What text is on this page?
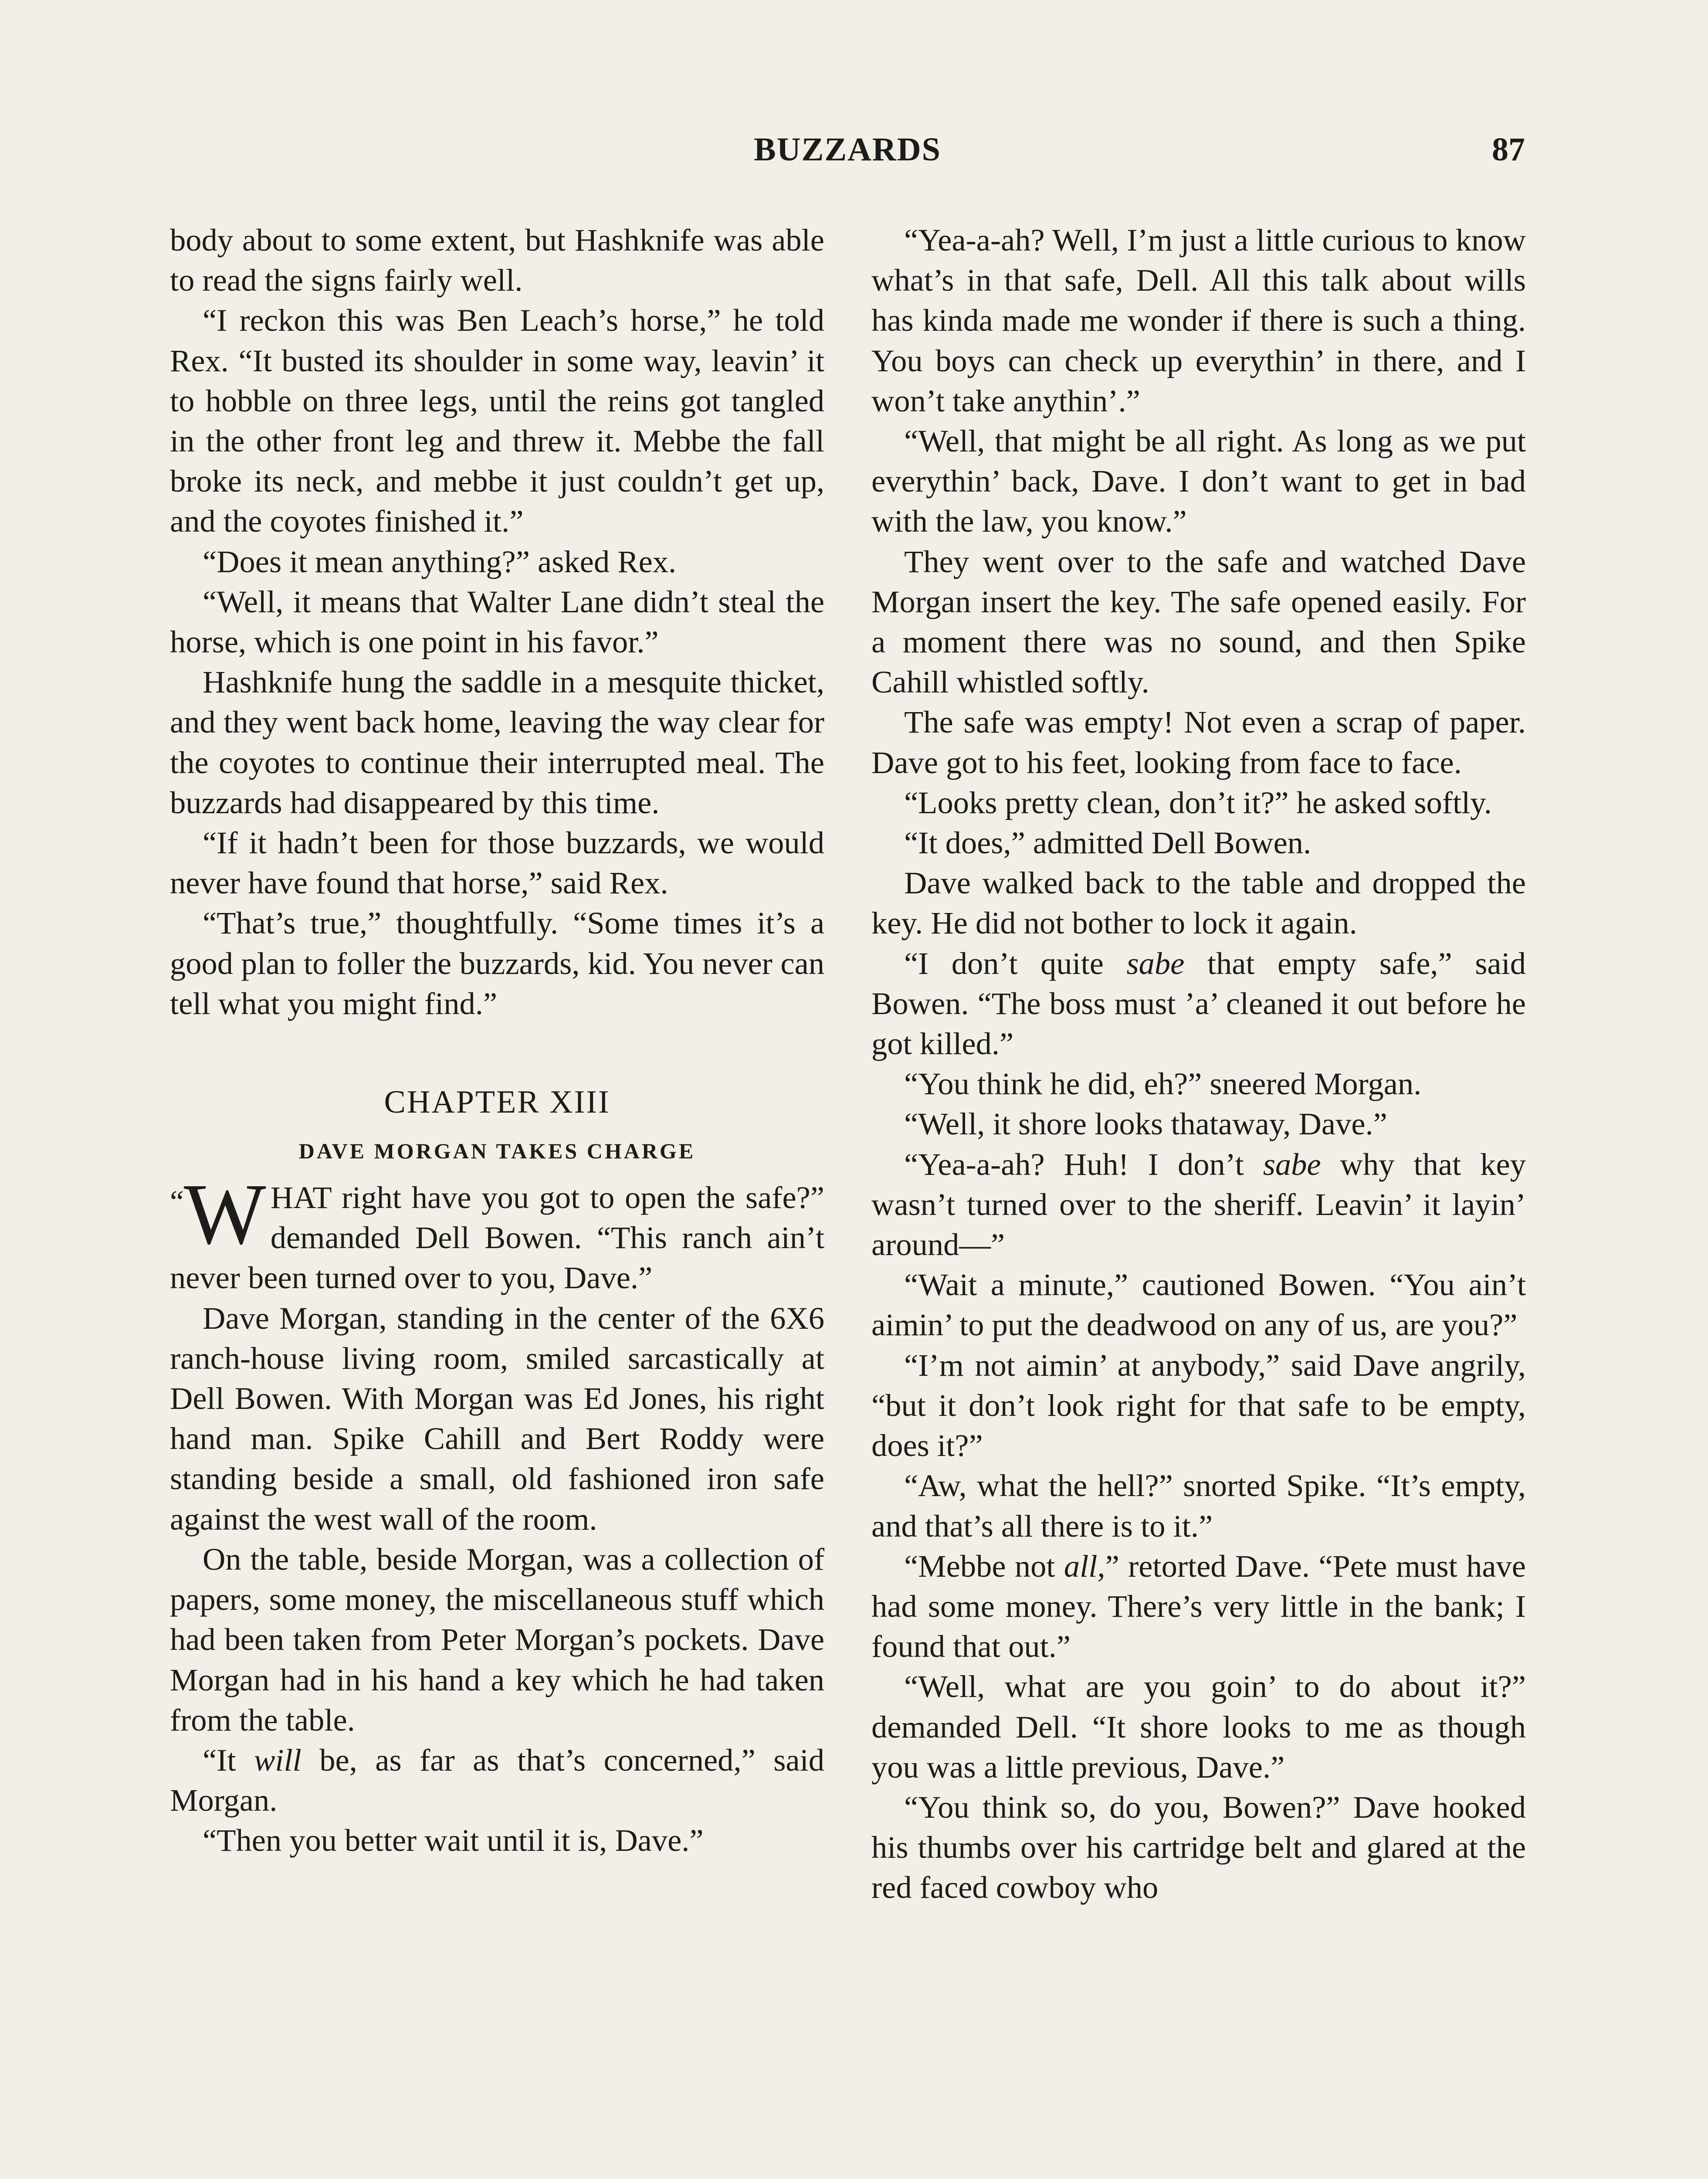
BUZZARDS	87

body about to some extent, but Hashknife was able to read the signs fairly well.

“I reckon this was Ben Leach’s horse,” he told Rex. “It busted its shoulder in some way, leavin’ it to hobble on three legs, until the reins got tangled in the other front leg and threw it. Mebbe the fall broke its neck, and mebbe it just couldn’t get up, and the coyotes finished it.”

“Does it mean anything?” asked Rex.

“Well, it means that Walter Lane didn’t steal the horse, which is one point in his favor.”

Hashknife hung the saddle in a mesquite thicket, and they went back home, leaving the way clear for the coyotes to continue their interrupted meal. The buzzards had disappeared by this time.

“If it hadn’t been for those buzzards, we would never have found that horse,” said Rex.

“That’s true,” thoughtfully. “Some times it’s a good plan to foller the buzzards, kid. You never can tell what you might find.”

CHAPTER XIII
DAVE MORGAN TAKES CHARGE

“ W HAT right have you got to open the safe?” demanded Dell Bowen. “This ranch ain’t never been turned over to you, Dave.”

Dave Morgan, standing in the center of the 6X6 ranch-house living room, smiled sarcastically at Dell Bowen. With Morgan was Ed Jones, his right hand man. Spike Cahill and Bert Roddy were standing beside a small, old fashioned iron safe against the west wall of the room.

On the table, beside Morgan, was a collection of papers, some money, the miscellaneous stuff which had been taken from Peter Morgan’s pockets. Dave Morgan had in his hand a key which he had taken from the table.

“It will be, as far as that’s concerned,” said Morgan.

“Then you better wait until it is, Dave.”

“Yea-a-ah? Well, I’m just a little curious to know what’s in that safe, Dell. All this talk about wills has kinda made me wonder if there is such a thing. You boys can check up everythin’ in there, and I won’t take anythin’.”

“Well, that might be all right. As long as we put everythin’ back, Dave. I don’t want to get in bad with the law, you know.”

They went over to the safe and watched Dave Morgan insert the key. The safe opened easily. For a moment there was no sound, and then Spike Cahill whistled softly.

The safe was empty! Not even a scrap of paper. Dave got to his feet, looking from face to face.

“Looks pretty clean, don’t it?” he asked softly.

“It does,” admitted Dell Bowen.

Dave walked back to the table and dropped the key. He did not bother to lock it again.

“I don’t quite sabe that empty safe,” said Bowen. “The boss must ’a’ cleaned it out before he got killed.”

“You think he did, eh?” sneered Morgan.

“Well, it shore looks thataway, Dave.”

“Yea-a-ah? Huh! I don’t sabe why that key wasn’t turned over to the sheriff. Leavin’ it layin’ around—”

“Wait a minute,” cautioned Bowen. “You ain’t aimin’ to put the deadwood on any of us, are you?”

“I’m not aimin’ at anybody,” said Dave angrily, “but it don’t look right for that safe to be empty, does it?”

“Aw, what the hell?” snorted Spike. “It’s empty, and that’s all there is to it.”

“Mebbe not all,” retorted Dave. “Pete must have had some money. There’s very little in the bank; I found that out.”

“Well, what are you goin’ to do about it?” demanded Dell. “It shore looks to me as though you was a little previous, Dave.”

“You think so, do you, Bowen?” Dave hooked his thumbs over his cartridge belt and glared at the red faced cowboy who
